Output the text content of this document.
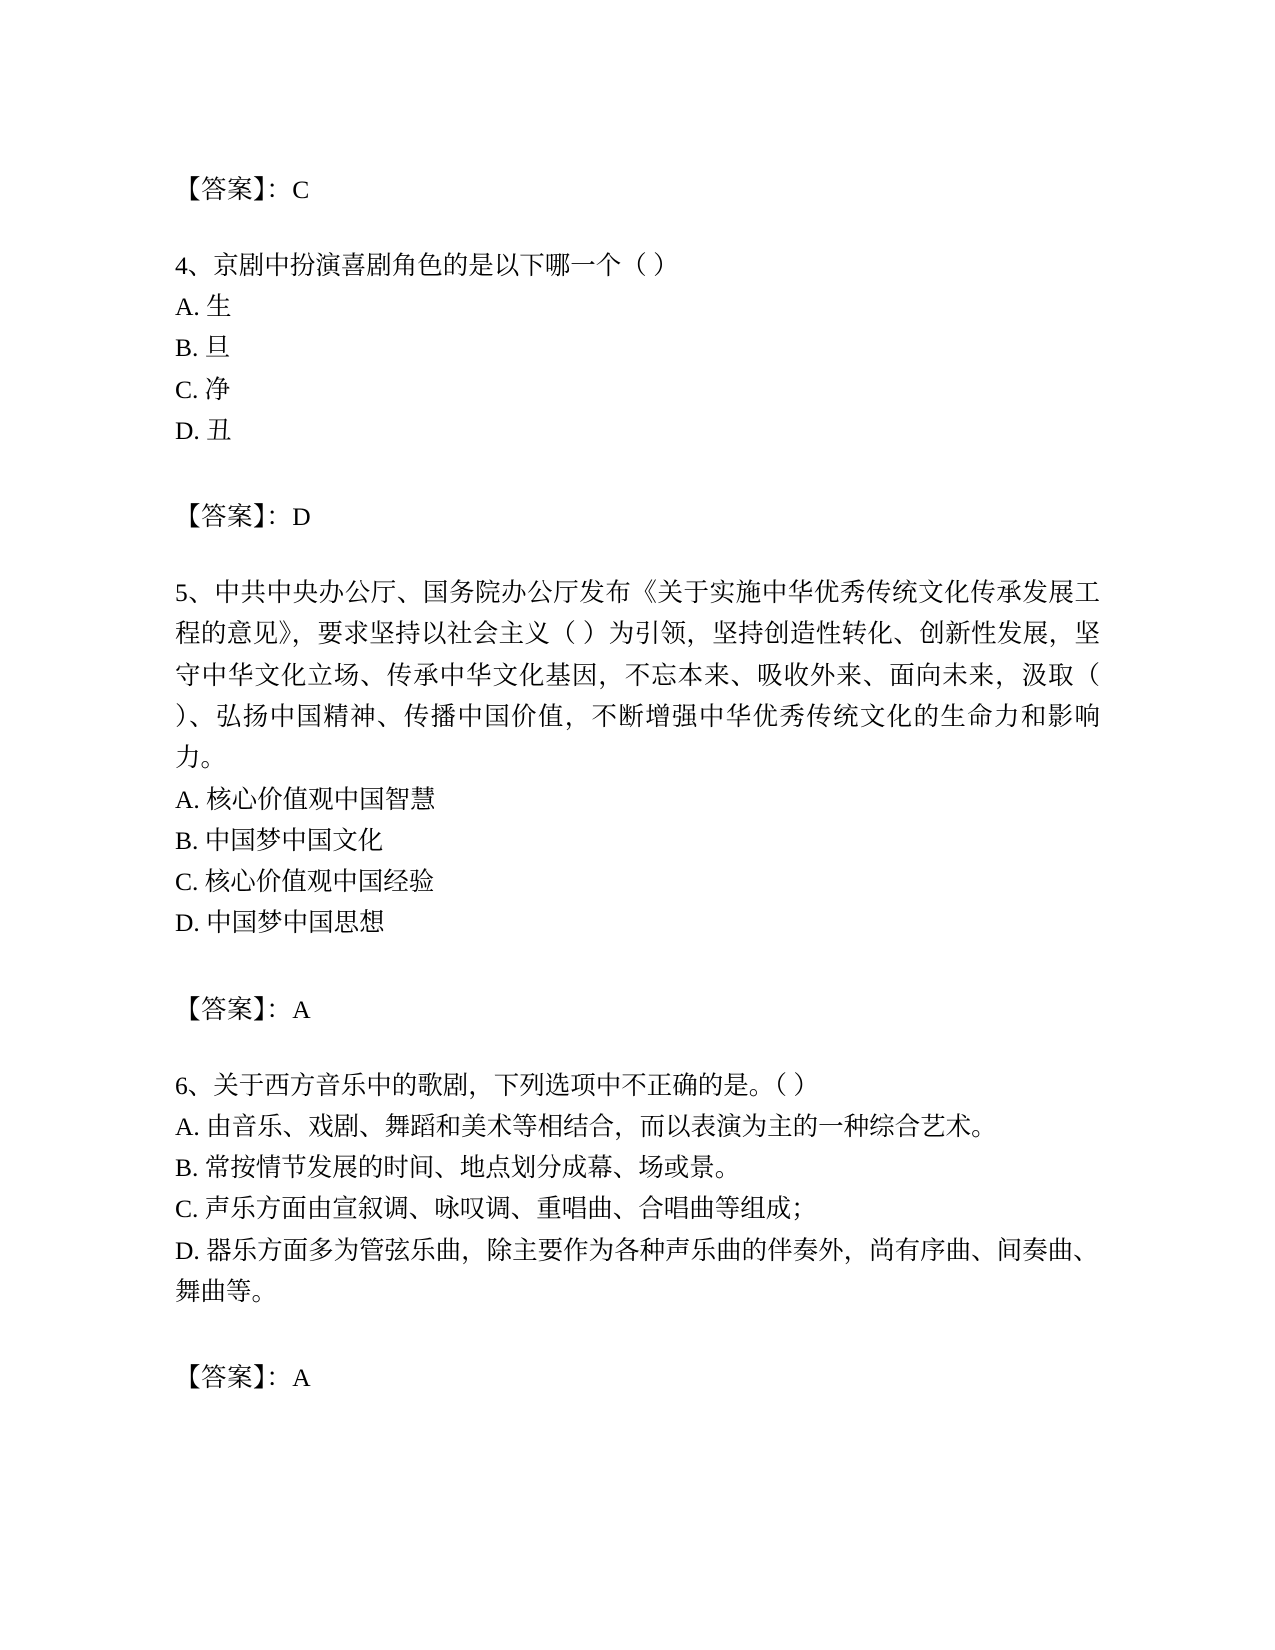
【答案】：C
4、京剧中扮演喜剧角色的是以下哪一个（ ）
A. 生
B. 旦
C. 净
D. 丑
【答案】：D
5、中共中央办公厅、国务院办公厅发布《关于实施中华优秀传统文化传承发展工程的意见》，要求坚持以社会主义（ ）为引领，坚持创造性转化、创新性发展，坚守中华文化立场、传承中华文化基因，不忘本来、吸收外来、面向未来，汲取（ ）、弘扬中国精神、传播中国价值，不断增强中华优秀传统文化的生命力和影响力。
A. 核心价值观中国智慧
B. 中国梦中国文化
C. 核心价值观中国经验
D. 中国梦中国思想
【答案】：A
6、关于西方音乐中的歌剧，下列选项中不正确的是。（ ）
A. 由音乐、戏剧、舞蹈和美术等相结合，而以表演为主的一种综合艺术。
B. 常按情节发展的时间、地点划分成幕、场或景。
C. 声乐方面由宣叙调、咏叹调、重唱曲、合唱曲等组成；
D. 器乐方面多为管弦乐曲，除主要作为各种声乐曲的伴奏外，尚有序曲、间奏曲、舞曲等。
【答案】：A
